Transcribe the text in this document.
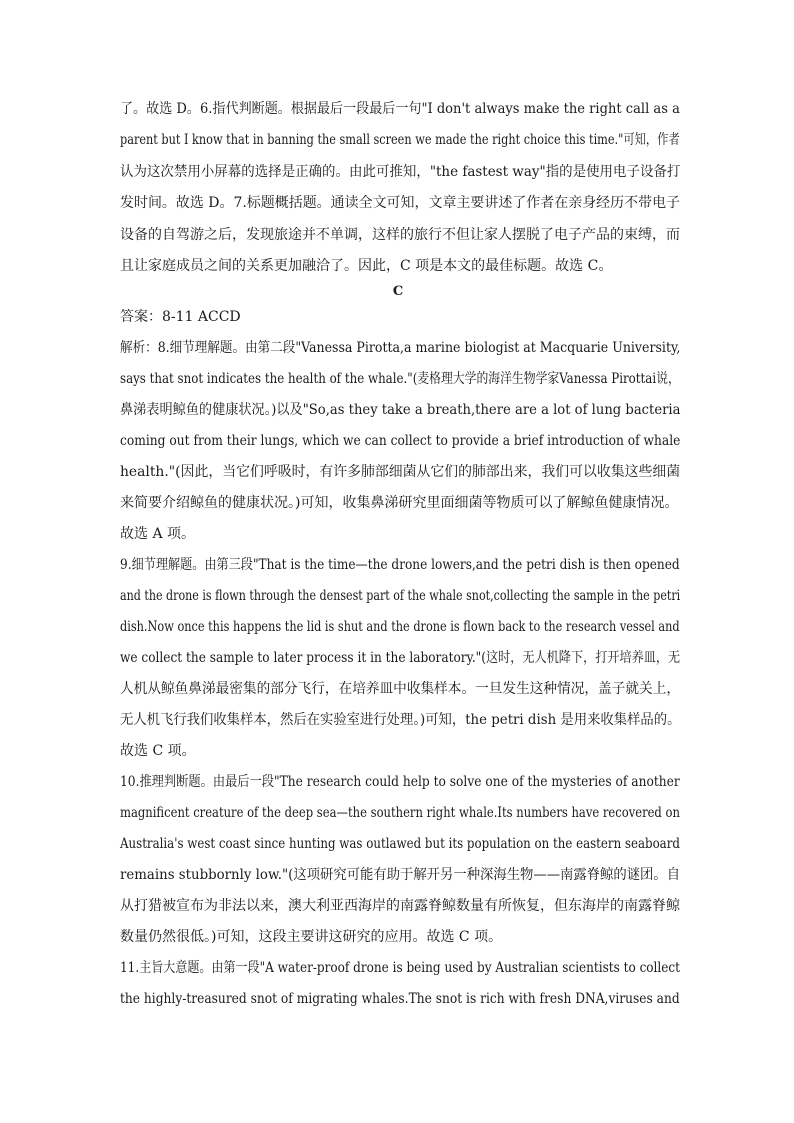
了。故选 D。6.指代判断题。根据最后一段最后一句"I don't always make the right call as a
parent but I know that in banning the small screen we made the right choice this time."可知，作者
认为这次禁用小屏幕的选择是正确的。由此可推知，"the fastest way"指的是使用电子设备打
发时间。故选 D。7.标题概括题。通读全文可知，文章主要讲述了作者在亲身经历不带电子
设备的自驾游之后，发现旅途并不单调，这样的旅行不但让家人摆脱了电子产品的束缚，而
且让家庭成员之间的关系更加融洽了。因此，C 项是本文的最佳标题。故选 C。
C
答案：8-11 ACCD
解析：8.细节理解题。由第二段"Vanessa Pirotta,a marine biologist at Macquarie University,
says that snot indicates the health of the whale."(麦格理大学的海洋生物学家Vanessa Pirottai说，
鼻涕表明鲸鱼的健康状况。)以及"So,as they take a breath,there are a lot of lung bacteria
coming out from their lungs, which we can collect to provide a brief introduction of whale
health."(因此，当它们呼吸时，有许多肺部细菌从它们的肺部出来，我们可以收集这些细菌
来简要介绍鲸鱼的健康状况。)可知，收集鼻涕研究里面细菌等物质可以了解鲸鱼健康情况。
故选 A 项。
9.细节理解题。由第三段"That is the time—the drone lowers,and the petri dish is then opened
and the drone is flown through the densest part of the whale snot,collecting the sample in the petri
dish.Now once this happens the lid is shut and the drone is flown back to the research vessel and
we collect the sample to later process it in the laboratory."(这时，无人机降下，打开培养皿，无
人机从鲸鱼鼻涕最密集的部分飞行，在培养皿中收集样本。一旦发生这种情况，盖子就关上，
无人机飞行我们收集样本，然后在实验室进行处理。)可知，the petri dish 是用来收集样品的。
故选 C 项。
10.推理判断题。由最后一段"The research could help to solve one of the mysteries of another
magnificent creature of the deep sea—the southern right whale.Its numbers have recovered on
Australia's west coast since hunting was outlawed but its population on the eastern seaboard
remains stubbornly low."(这项研究可能有助于解开另一种深海生物——南露脊鲸的谜团。自
从打猎被宣布为非法以来，澳大利亚西海岸的南露脊鲸数量有所恢复，但东海岸的南露脊鲸
数量仍然很低。)可知，这段主要讲这研究的应用。故选 C 项。
11.主旨大意题。由第一段"A water-proof drone is being used by Australian scientists to collect
the highly-treasured snot of migrating whales.The snot is rich with fresh DNA,viruses and
